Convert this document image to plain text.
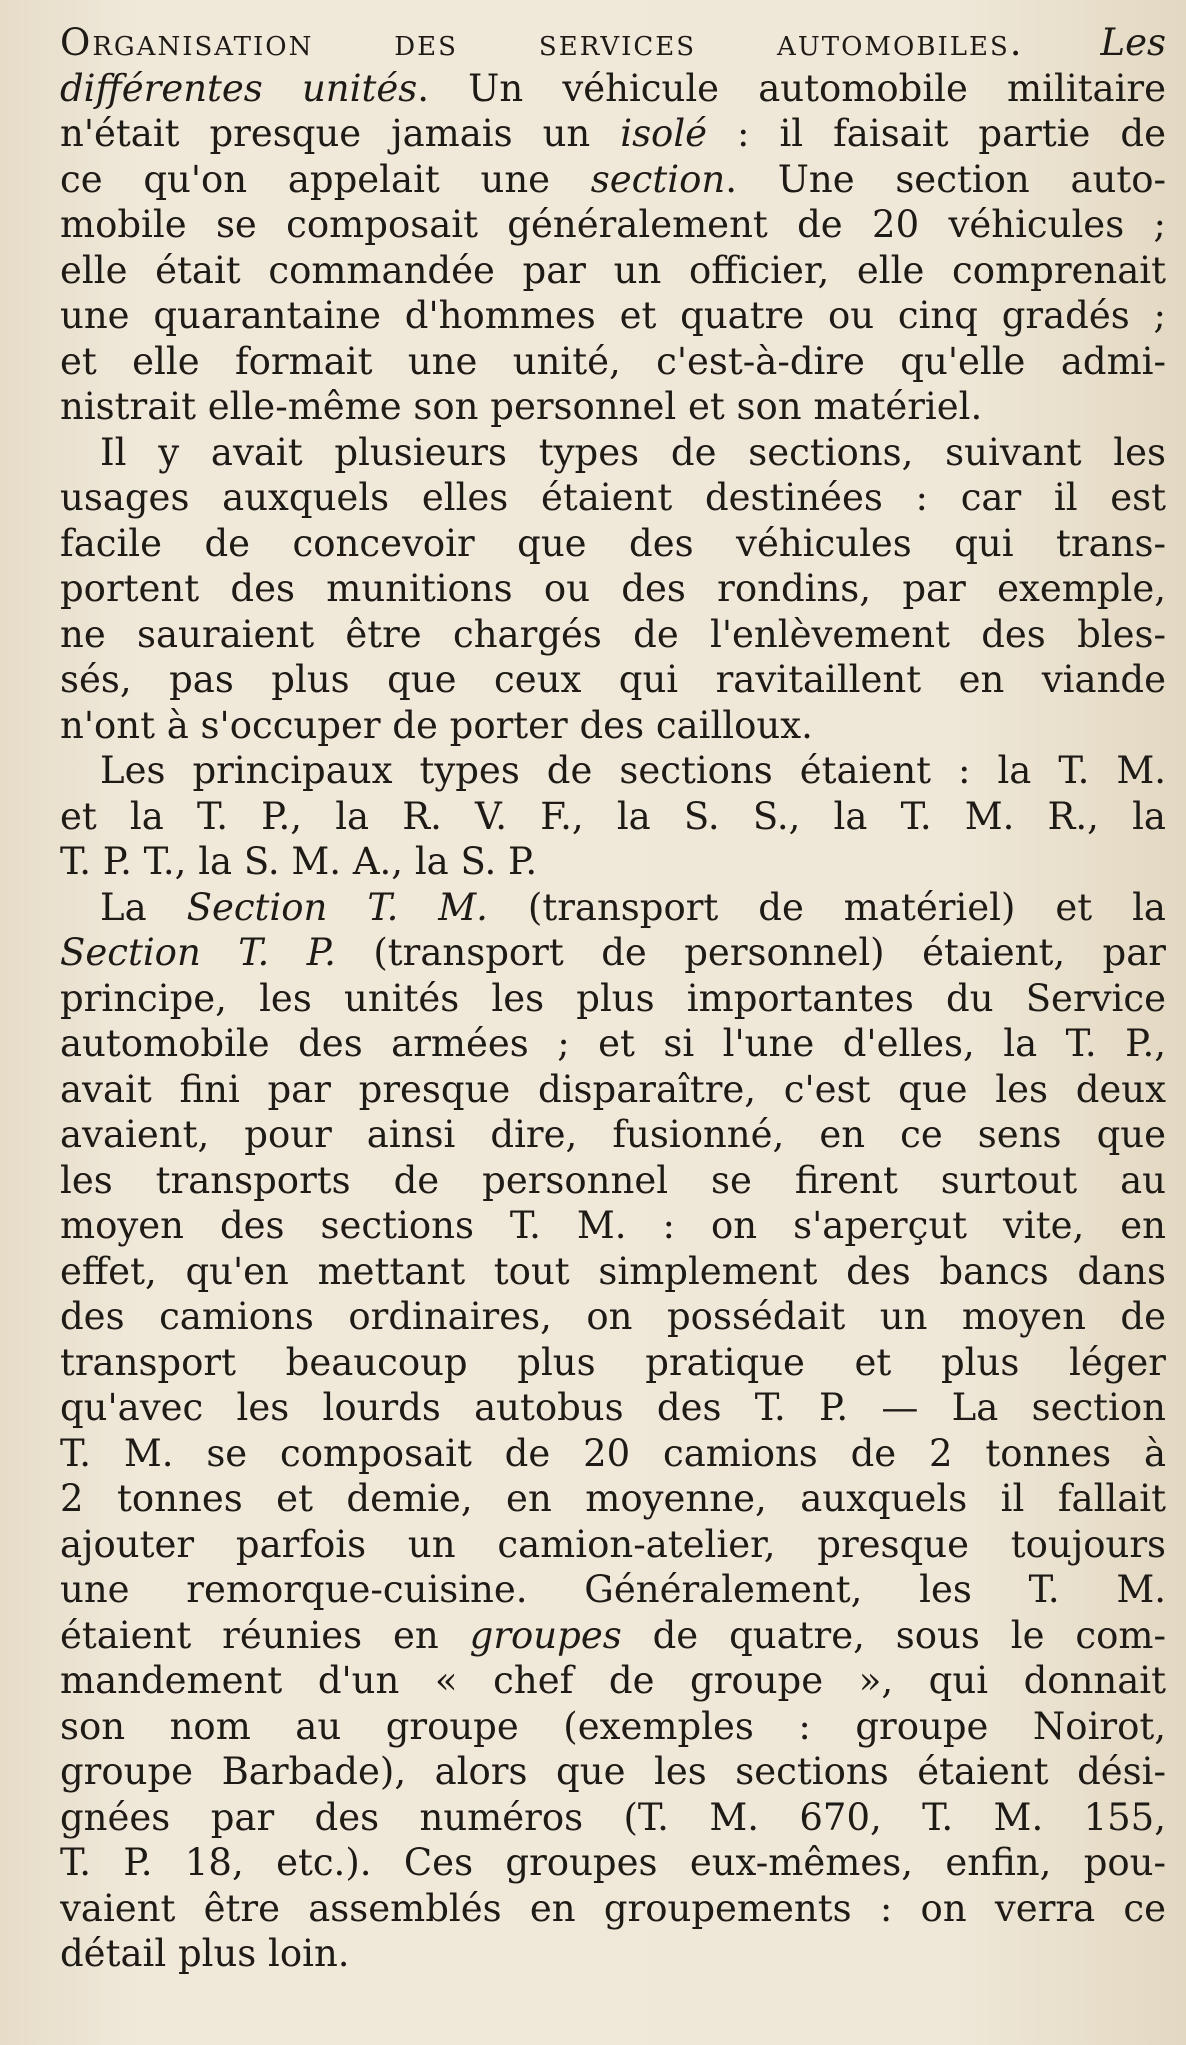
Organisation des services automobiles. Les
différentes unités. Un véhicule automobile militaire
n'était presque jamais un isolé : il faisait partie de
ce qu'on appelait une section. Une section auto-
mobile se composait généralement de 20 véhicules ;
elle était commandée par un officier, elle comprenait
une quarantaine d'hommes et quatre ou cinq gradés ;
et elle formait une unité, c'est-à-dire qu'elle admi-
nistrait elle-même son personnel et son matériel.
Il y avait plusieurs types de sections, suivant les
usages auxquels elles étaient destinées : car il est
facile de concevoir que des véhicules qui trans-
portent des munitions ou des rondins, par exemple,
ne sauraient être chargés de l'enlèvement des bles-
sés, pas plus que ceux qui ravitaillent en viande
n'ont à s'occuper de porter des cailloux.
Les principaux types de sections étaient : la T. M.
et la T. P., la R. V. F., la S. S., la T. M. R., la
T. P. T., la S. M. A., la S. P.
La Section T. M. (transport de matériel) et la
Section T. P. (transport de personnel) étaient, par
principe, les unités les plus importantes du Service
automobile des armées ; et si l'une d'elles, la T. P.,
avait fini par presque disparaître, c'est que les deux
avaient, pour ainsi dire, fusionné, en ce sens que
les transports de personnel se firent surtout au
moyen des sections T. M. : on s'aperçut vite, en
effet, qu'en mettant tout simplement des bancs dans
des camions ordinaires, on possédait un moyen de
transport beaucoup plus pratique et plus léger
qu'avec les lourds autobus des T. P. — La section
T. M. se composait de 20 camions de 2 tonnes à
2 tonnes et demie, en moyenne, auxquels il fallait
ajouter parfois un camion-atelier, presque toujours
une remorque-cuisine. Généralement, les T. M.
étaient réunies en groupes de quatre, sous le com-
mandement d'un « chef de groupe », qui donnait
son nom au groupe (exemples : groupe Noirot,
groupe Barbade), alors que les sections étaient dési-
gnées par des numéros (T. M. 670, T. M. 155,
T. P. 18, etc.). Ces groupes eux-mêmes, enfin, pou-
vaient être assemblés en groupements : on verra ce
détail plus loin.
